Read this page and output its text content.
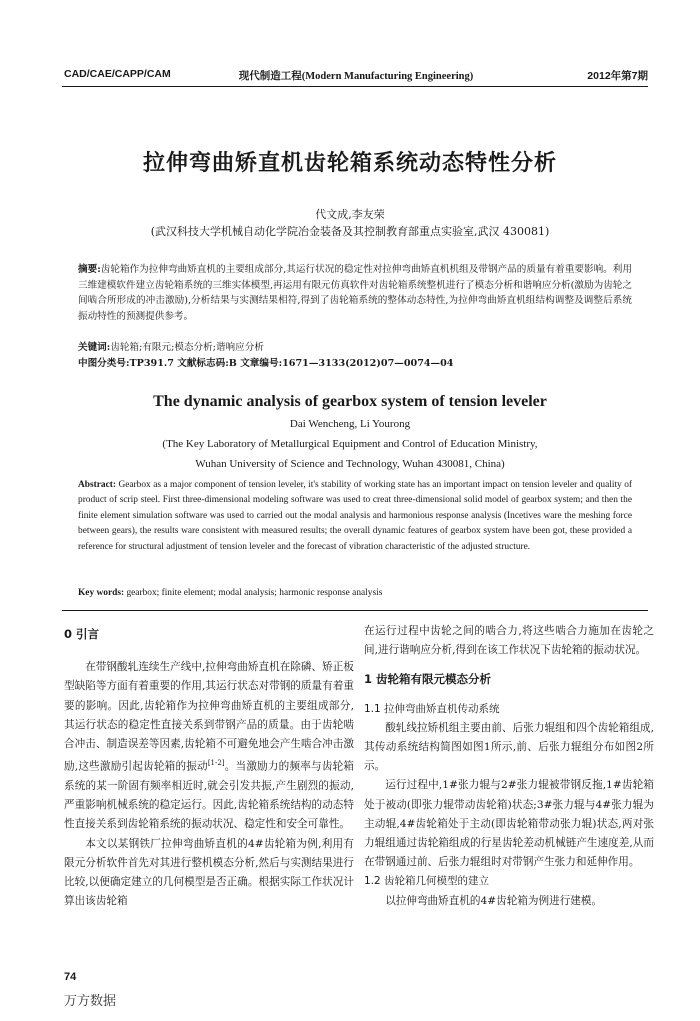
CAD/CAE/CAPP/CAM	现代制造工程(Modern Manufacturing Engineering)	2012年第7期
拉伸弯曲矫直机齿轮箱系统动态特性分析
代文成,李友荣
(武汉科技大学机械自动化学院冶金装备及其控制教育部重点实验室,武汉 430081)
摘要:齿轮箱作为拉伸弯曲矫直机的主要组成部分,其运行状况的稳定性对拉伸弯曲矫直机机组及带钢产品的质量有着重要影响。利用三维建模软件建立齿轮箱系统的三维实体模型,再运用有限元仿真软件对齿轮箱系统整机进行了模态分析和谐响应分析(激励为齿轮之间啮合所形成的冲击激励),分析结果与实测结果相符,得到了齿轮箱系统的整体动态特性,为拉伸弯曲矫直机组结构调整及调整后系统振动特性的预测提供参考。
关键词:齿轮箱;有限元;模态分析;谐响应分析
中图分类号:TP391.7 文献标志码:B 文章编号:1671—3133(2012)07—0074—04
The dynamic analysis of gearbox system of tension leveler
Dai Wencheng, Li Yourong
(The Key Laboratory of Metallurgical Equipment and Control of Education Ministry,
Wuhan University of Science and Technology, Wuhan 430081, China)
Abstract: Gearbox as a major component of tension leveler, it's stability of working state has an important impact on tension leveler and quality of product of scrip steel. First three-dimensional modeling software was used to creat three-dimensional solid model of gearbox system; and then the finite element simulation software was used to carried out the modal analysis and harmonious response analysis (Incetives ware the meshing force between gears), the results ware consistent with measured results; the overall dynamic features of gearbox system have been got, these provided a reference for structural adjustment of tension leveler and the forecast of vibration characteristic of the adjusted structure.
Key words: gearbox; finite element; modal analysis; harmonic response analysis

0 引言

在带钢酸轧连续生产线中,拉伸弯曲矫直机在除磷、矫正板型缺陷等方面有着重要的作用,其运行状态对带钢的质量有着重要的影响。因此,齿轮箱作为拉伸弯曲矫直机的主要组成部分,其运行状态的稳定性直接关系到带钢产品的质量。由于齿轮啮合冲击、制造误差等因素,齿轮箱不可避免地会产生啮合冲击激励,这些激励引起齿轮箱的振动[1-2]。当激励力的频率与齿轮箱系统的某一阶固有频率相近时,就会引发共振,产生剧烈的振动,严重影响机械系统的稳定运行。因此,齿轮箱系统结构的动态特性直接关系到齿轮箱系统的振动状况、稳定性和安全可靠性。

本文以某钢铁厂拉伸弯曲矫直机的4#齿轮箱为例,利用有限元分析软件首先对其进行整机模态分析,然后与实测结果进行比较,以便确定建立的几何模型是否正确。根据实际工作状况计算出该齿轮箱

在运行过程中齿轮之间的啮合力,将这些啮合力施加在齿轮之间,进行谐响应分析,得到在该工作状况下齿轮箱的振动状况。

1 齿轮箱有限元模态分析

1.1 拉伸弯曲矫直机传动系统

酸轧线拉矫机组主要由前、后张力辊组和四个齿轮箱组成,其传动系统结构简图如图1所示,前、后张力辊组分布如图2所示。

运行过程中,1#张力辊与2#张力辊被带钢反拖,1#齿轮箱处于被动(即张力辊带动齿轮箱)状态;3#张力辊与4#张力辊为主动辊,4#齿轮箱处于主动(即齿轮箱带动张力辊)状态,两对张力辊组通过齿轮箱组成的行星齿轮差动机械链产生速度差,从而在带钢通过前、后张力辊组时对带钢产生张力和延伸作用。

1.2 齿轮箱几何模型的建立

以拉伸弯曲矫直机的4#齿轮箱为例进行建模。

74
万方数据
